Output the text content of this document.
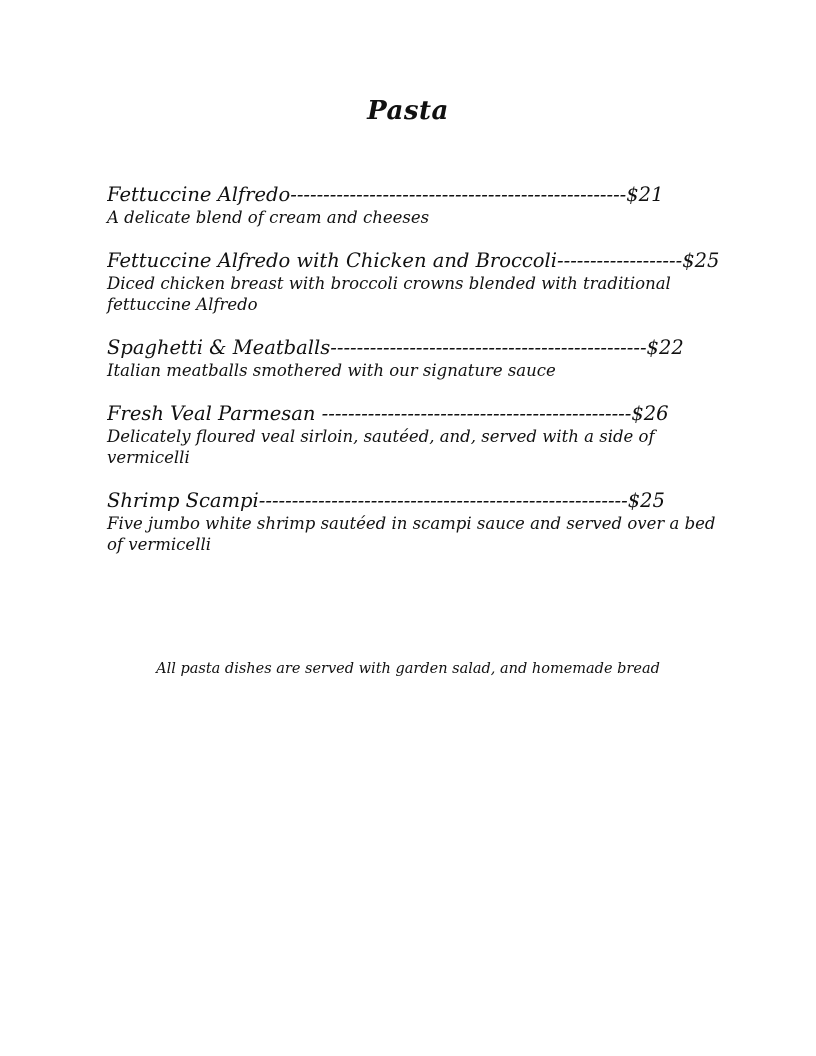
Pasta
Fettuccine Alfredo---------------------------------------------------$21
A delicate blend of cream and cheeses
Fettuccine Alfredo with Chicken and Broccoli-------------------$25
Diced chicken breast with broccoli crowns blended with traditional fettuccine Alfredo
Spaghetti & Meatballs------------------------------------------------$22
Italian meatballs smothered with our signature sauce
Fresh Veal Parmesan -----------------------------------------------$26
Delicately floured veal sirloin, sautéed, and, served with a side of vermicelli
Shrimp Scampi--------------------------------------------------------$25
Five jumbo white shrimp sautéed in scampi sauce and served over a bed of vermicelli
All pasta dishes are served with garden salad, and homemade bread
